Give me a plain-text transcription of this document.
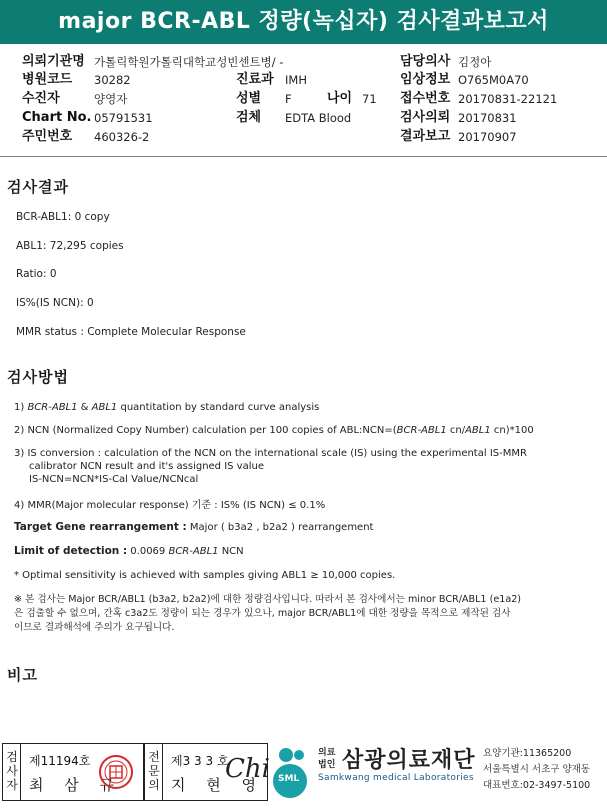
major BCR-ABL 정량(녹십자) 검사결과보고서
의뢰기관명 가톨릭학원가톨릭대학교성빈센트병/ -
병원코드 30282	진료과 IMH
수진자	양영자	성별 F	나이 71
Chart No. 05791531	검체 EDTA Blood
주민번호 460326-2
담당의사 김정아
임상정보 O765M0A70
접수번호 20170831-22121
검사의뢰 20170831
결과보고 20170907
검사결과
BCR-ABL1: 0 copy
ABL1: 72,295 copies
Ratio: 0
IS%(IS NCN): 0
MMR status : Complete Molecular Response
검사방법
1) BCR-ABL1 & ABL1 quantitation by standard curve analysis
2) NCN (Normalized Copy Number) calculation per 100 copies of ABL:NCN=(BCR-ABL1 cn/ABL1 cn)*100
3) IS conversion : calculation of the NCN on the international scale (IS) using the experimental IS-MMR
calibrator NCN result and it's assigned IS value
IS-NCN=NCN*IS-Cal Value/NCNcal
4) MMR(Major molecular response) 기준 : IS% (IS NCN) ≤ 0.1%
Target Gene rearrangement : Major ( b3a2 , b2a2 ) rearrangement
Limit of detection : 0.0069 BCR-ABL1 NCN
* Optimal sensitivity is achieved with samples giving ABL1 ≥ 10,000 copies.
※ 본 검사는 Major BCR/ABL1 (b3a2, b2a2)에 대한 정량검사입니다. 따라서 본 검사에서는 minor BCR/ABL1 (e1a2)
은 검출할 수 없으며, 간혹 c3a2도 정량이 되는 경우가 있으나, major BCR/ABL1에 대한 정량을 목적으로 제작된 검사
이므로 결과해석에 주의가 요구됩니다.
비고
검사자
제11194호
최 삼 규
전문의
제3 3 3 호
지 현 영
Chi SML
의료
법인 삼광의료재단
Samkwang medical Laboratories
요양기관:11365200
서울특별시 서초구 양재동
대표번호:02-3497-5100
